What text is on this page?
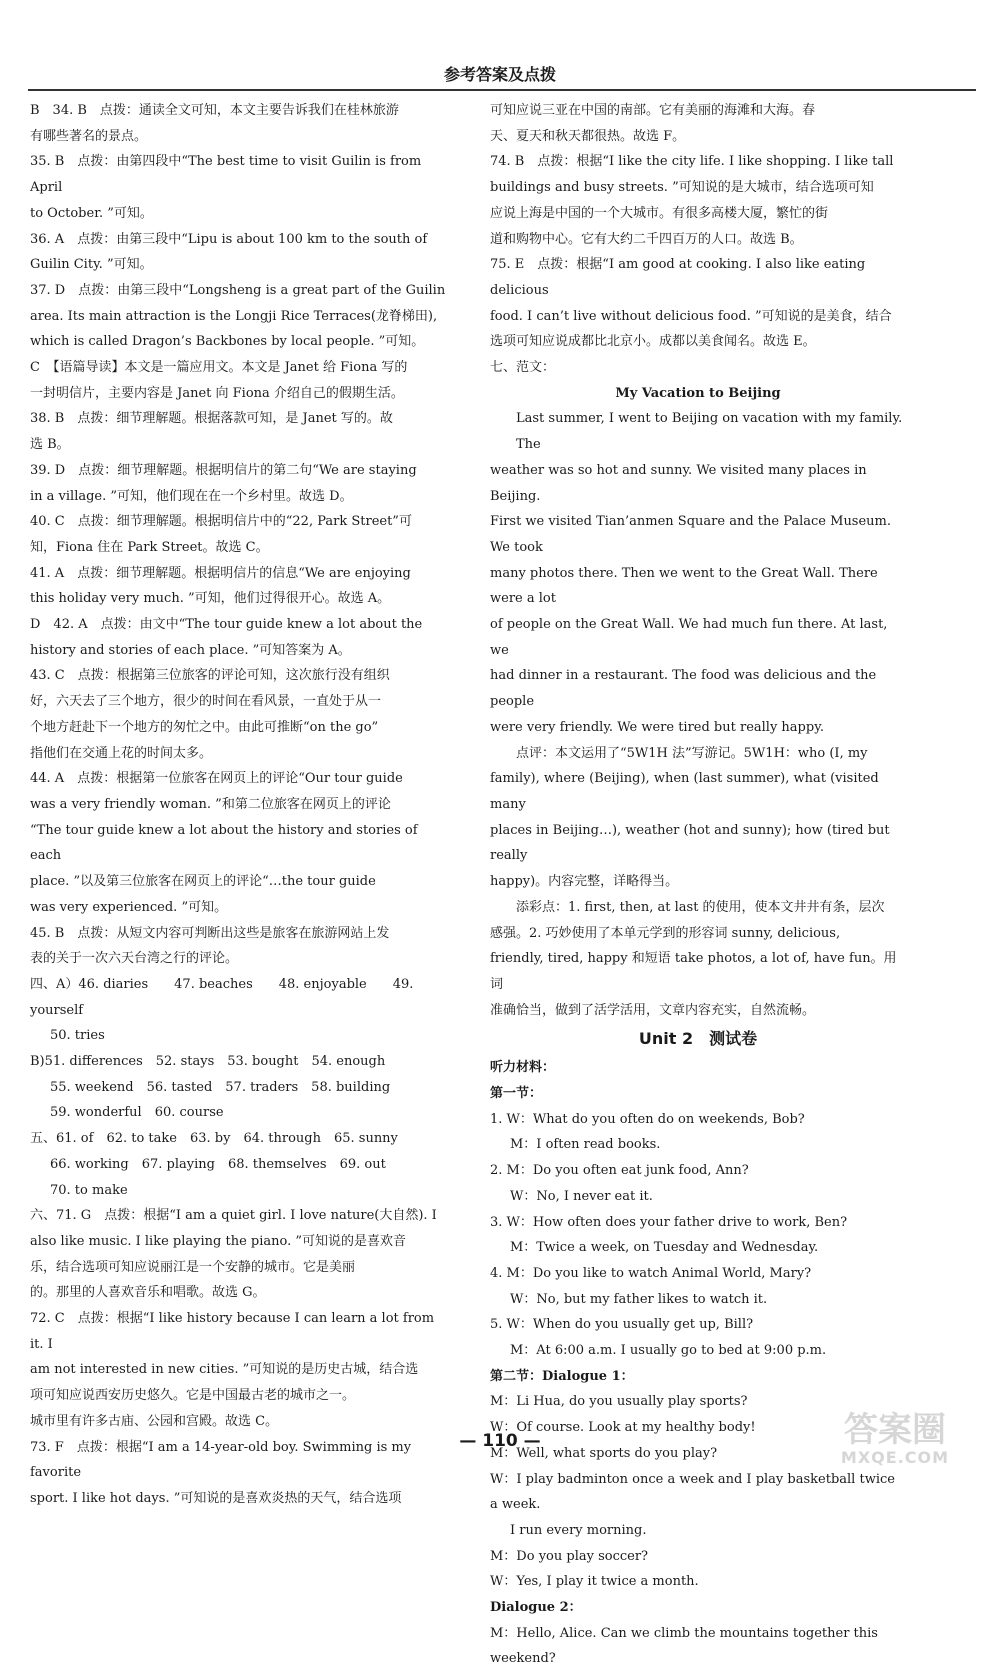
参考答案及点拨

B　34. B　点拨：通读全文可知，本文主要告诉我们在桂林旅游

有哪些著名的景点。

35. B　点拨：由第四段中“The best time to visit Guilin is from April

to October. ”可知。

36. A　点拨：由第三段中“Lipu is about 100 km to the south of

Guilin City. ”可知。

37. D　点拨：由第三段中“Longsheng is a great part of the Guilin

area. Its main attraction is the Longji Rice Terraces(龙脊梯田),

which is called Dragon’s Backbones by local people. ”可知。

C　【语篇导读】本文是一篇应用文。本文是 Janet 给 Fiona 写的

一封明信片，主要内容是 Janet 向 Fiona 介绍自己的假期生活。

38. B　点拨：细节理解题。根据落款可知，是 Janet 写的。故

选 B。

39. D　点拨：细节理解题。根据明信片的第二句“We are staying

in a village. ”可知，他们现在在一个乡村里。故选 D。

40. C　点拨：细节理解题。根据明信片中的“22, Park Street”可

知，Fiona 住在 Park Street。故选 C。

41. A　点拨：细节理解题。根据明信片的信息“We are enjoying

this holiday very much. ”可知，他们过得很开心。故选 A。

D　42. A　点拨：由文中“The tour guide knew a lot about the

history and stories of each place. ”可知答案为 A。

43. C　点拨：根据第三位旅客的评论可知，这次旅行没有组织

好，六天去了三个地方，很少的时间在看风景，一直处于从一

个地方赶赴下一个地方的匆忙之中。由此可推断“on the go”

指他们在交通上花的时间太多。

44. A　点拨：根据第一位旅客在网页上的评论“Our tour guide

was a very friendly woman. ”和第二位旅客在网页上的评论

“The tour guide knew a lot about the history and stories of each

place. ”以及第三位旅客在网页上的评论“…the tour guide

was very experienced. ”可知。

45. B　点拨：从短文内容可判断出这些是旅客在旅游网站上发

表的关于一次六天台湾之行的评论。

四、A）46. diaries　　47. beaches　　48. enjoyable　　49. yourself

50. tries

B)51. differences　52. stays　53. bought　54. enough

55. weekend　56. tasted　57. traders　58. building

59. wonderful　60. course

五、61. of　62. to take　63. by　64. through　65. sunny

66. working　67. playing　68. themselves　69. out

70. to make

六、71. G　点拨：根据“I am a quiet girl. I love nature(大自然). I

also like music. I like playing the piano. ”可知说的是喜欢音

乐，结合选项可知应说丽江是一个安静的城市。它是美丽

的。那里的人喜欢音乐和唱歌。故选 G。

72. C　点拨：根据“I like history because I can learn a lot from it. I

am not interested in new cities. ”可知说的是历史古城，结合选

项可知应说西安历史悠久。它是中国最古老的城市之一。

城市里有许多古庙、公园和宫殿。故选 C。

73. F　点拨：根据“I am a 14-year-old boy. Swimming is my favorite

sport. I like hot days. ”可知说的是喜欢炎热的天气，结合选项

可知应说三亚在中国的南部。它有美丽的海滩和大海。春

天、夏天和秋天都很热。故选 F。

74. B　点拨：根据“I like the city life. I like shopping. I like tall

buildings and busy streets. ”可知说的是大城市，结合选项可知

应说上海是中国的一个大城市。有很多高楼大厦，繁忙的街

道和购物中心。它有大约二千四百万的人口。故选 B。

75. E　点拨：根据“I am good at cooking. I also like eating delicious

food. I can’t live without delicious food. ”可知说的是美食，结合

选项可知应说成都比北京小。成都以美食闻名。故选 E。

七、范文：

My Vacation to Beijing

Last summer, I went to Beijing on vacation with my family. The

weather was so hot and sunny. We visited many places in Beijing.

First we visited Tian’anmen Square and the Palace Museum. We took

many photos there. Then we went to the Great Wall. There were a lot

of people on the Great Wall. We had much fun there. At last, we

had dinner in a restaurant. The food was delicious and the people

were very friendly. We were tired but really happy.

点评：本文运用了“5W1H 法”写游记。5W1H：who (I, my

family), where (Beijing), when (last summer), what (visited many

places in Beijing…), weather (hot and sunny); how (tired but really

happy)。内容完整，详略得当。

添彩点：1. first, then, at last 的使用，使本文井井有条，层次

感强。2. 巧妙使用了本单元学到的形容词 sunny, delicious,

friendly, tired, happy 和短语 take photos, a lot of, have fun。用词

准确恰当，做到了活学活用，文章内容充实，自然流畅。

Unit 2　测试卷

听力材料：

第一节：

1. W：What do you often do on weekends, Bob?

M：I often read books.

2. M：Do you often eat junk food, Ann?

W：No, I never eat it.

3. W：How often does your father drive to work, Ben?

M：Twice a week, on Tuesday and Wednesday.

4. M：Do you like to watch Animal World, Mary?

W：No, but my father likes to watch it.

5. W：When do you usually get up, Bill?

M：At 6:00 a.m. I usually go to bed at 9:00 p.m.

第二节：Dialogue 1：

M：Li Hua, do you usually play sports?

W：Of course. Look at my healthy body!

M：Well, what sports do you play?

W：I play badminton once a week and I play basketball twice a week.

I run every morning.

M：Do you play soccer?

W：Yes, I play it twice a month.

Dialogue 2：

M：Hello, Alice. Can we climb the mountains together this weekend?

— 110 —	答案圈
MXQE.COM
